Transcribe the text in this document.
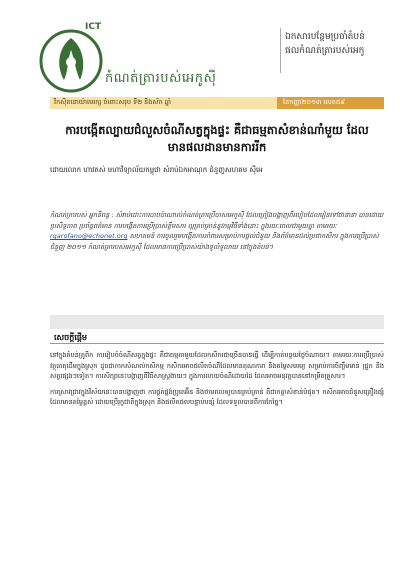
ICT
កំណត់ត្រារបស់អេកូស៊ី
ឯកសារបន្ថែមប្រចាំតំបន់
ផលកំណត់ត្រារបស់អេកូ
វិកស៊ិតនោយ៉ាមេរក្ស ចំពោះសរុប ទី២ និងស័ក ឆ្នាំ	ខែកញ្ញា២០១៣ លេខ៥៩
ការបង្កើតល្បាយជំលួសចំណីសត្វក្នុងផ្ទះ គឺជាធម្មតាសំខាន់ណាំមួយ ដែលមានផលដានមានការរីក
ដោយលោក ហាវតស់ មហាវិទ្យាល័យកម្ពុជា សំរាប់ឯកអាណុក ជំនួញសហគម ស៊ីអេ ​
កំណត់ត្រារបស់ អ្នកនិពន្ធ : សំរាប់ដោះការបាបប៉ាណាល់កំណត់ត្រាប្រើបាសអេកូស៊ី ដែលព្រៀងបង្ហាញពីរបៀបដែលរៀនទៅជានានា បានដោយប្រសិទ្ធភាព ប្រព័ន្ធពត៌មាន ការបង្កើតការប្រើប្រាស់ខ្លឹមសារ ល្អគ្រប់គ្រាន់នូវកម្មវិធីទាំងនោះ ក្នុងរយៈពេលជាមួយគ្នា តាមរយៈ rgarofano@echonet.org សហគមន៍ ការចូលរួមបង្កើតការគាំពារសម្រាប់ការផ្តល់ជំនួយ និងព័ត៌មានដល់ប្រជាកសិករ ក្នុងការប្រើប្រាស់ជំនួញ ២០១១ កំណត់ត្រារបស់អេកូស៊ី ដែលមានការប្រើប្រាស់យ៉ាងទូលំទូលាយ នៅក្នុងតំបន់។
សេចក្តីផ្តើម

នៅក្នុងតំបន់ត្រូពិក ការរៀបចំចំណីសត្វក្នុងផ្ទះ គឺជាធម្មតាមួយដែលកសិករជាច្រើនបានធ្វើ ដើម្បីកាត់បន្ថយថ្លៃចំណាយ។ តាមរយៈការប្រើប្រាស់វត្ថុធាតុដើមក្នុងស្រុក ដូចជាកាកសំណល់កសិកម្ម កសិករអាចផលិតចំណីដែលមានគុណភាព និងតម្លៃសមរម្យ សម្រាប់ការចិញ្ចឹមមាន់ ជ្រូក និងសត្វផ្សេងៗទៀត។ ការសិក្សានេះបង្ហាញពីវិធីសាស្ត្រងាយៗ ក្នុងការលាយចំណីដោយដៃ ដែលអាចអនុវត្តបាននៅកម្រិតគ្រួសារ។

ការស្រាវជ្រាវក្នុងវិស័យនេះបានបង្ហាញថា ការផ្គត់ផ្គង់ប្រូតេអ៊ីន និងថាមពលឲ្យបានគ្រប់គ្រាន់ គឺជាកត្តាសំខាន់បំផុត។ កសិករអាចជំនួសគ្រឿងផ្សំដែលមានតម្លៃខ្ពស់ ដោយប្រើរុក្ខជាតិក្នុងស្រុក និងផលិតផលបន្ទាប់បន្សំ ដែលទទួលបានពីការកែច្នៃ។
